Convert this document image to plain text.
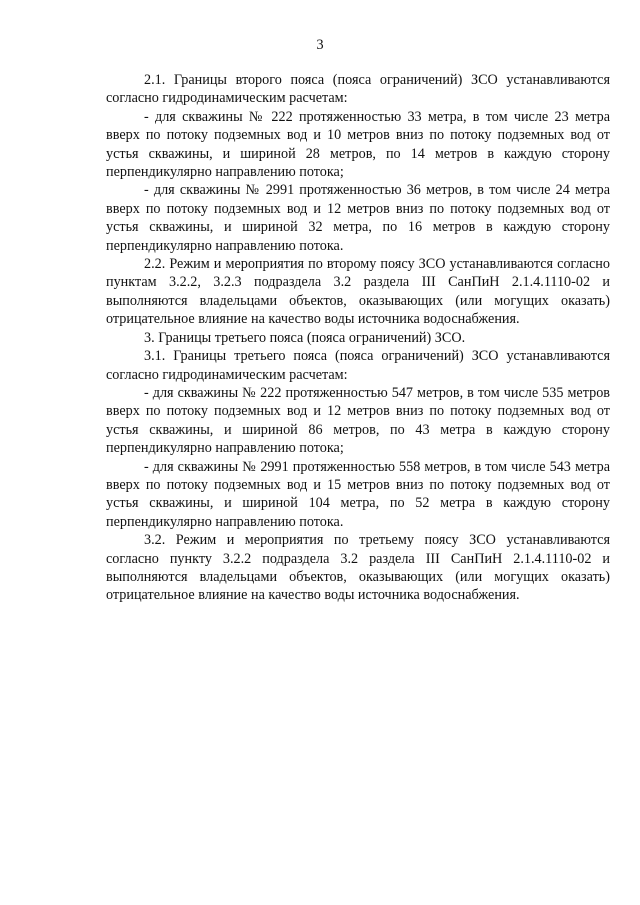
3

2.1. Границы второго пояса (пояса ограничений) ЗСО устанавливаются согласно гидродинамическим расчетам:

- для скважины № 222 протяженностью 33 метра, в том числе 23 метра вверх по потоку подземных вод и 10 метров вниз по потоку подземных вод от устья скважины, и шириной 28 метров, по 14 метров в каждую сторону перпендикулярно направлению потока;

- для скважины № 2991 протяженностью 36 метров, в том числе 24 метра вверх по потоку подземных вод и 12 метров вниз по потоку подземных вод от устья скважины, и шириной 32 метра, по 16 метров в каждую сторону перпендикулярно направлению потока.

2.2. Режим и мероприятия по второму поясу ЗСО устанавливаются согласно пунктам 3.2.2, 3.2.3 подраздела 3.2 раздела III СанПиН 2.1.4.1110-02 и выполняются владельцами объектов, оказывающих (или могущих оказать) отрицательное влияние на качество воды источника водоснабжения.

3. Границы третьего пояса (пояса ограничений) ЗСО.

3.1. Границы третьего пояса (пояса ограничений) ЗСО устанавливаются согласно гидродинамическим расчетам:

- для скважины № 222 протяженностью 547 метров, в том числе 535 метров вверх по потоку подземных вод и 12 метров вниз по потоку подземных вод от устья скважины, и шириной 86 метров, по 43 метра в каждую сторону перпендикулярно направлению потока;

- для скважины № 2991 протяженностью 558 метров, в том числе 543 метра вверх по потоку подземных вод и 15 метров вниз по потоку подземных вод от устья скважины, и шириной 104 метра, по 52 метра в каждую сторону перпендикулярно направлению потока.

3.2. Режим и мероприятия по третьему поясу ЗСО устанавливаются согласно пункту 3.2.2 подраздела 3.2 раздела III СанПиН 2.1.4.1110-02 и выполняются владельцами объектов, оказывающих (или могущих оказать) отрицательное влияние на качество воды источника водоснабжения.
